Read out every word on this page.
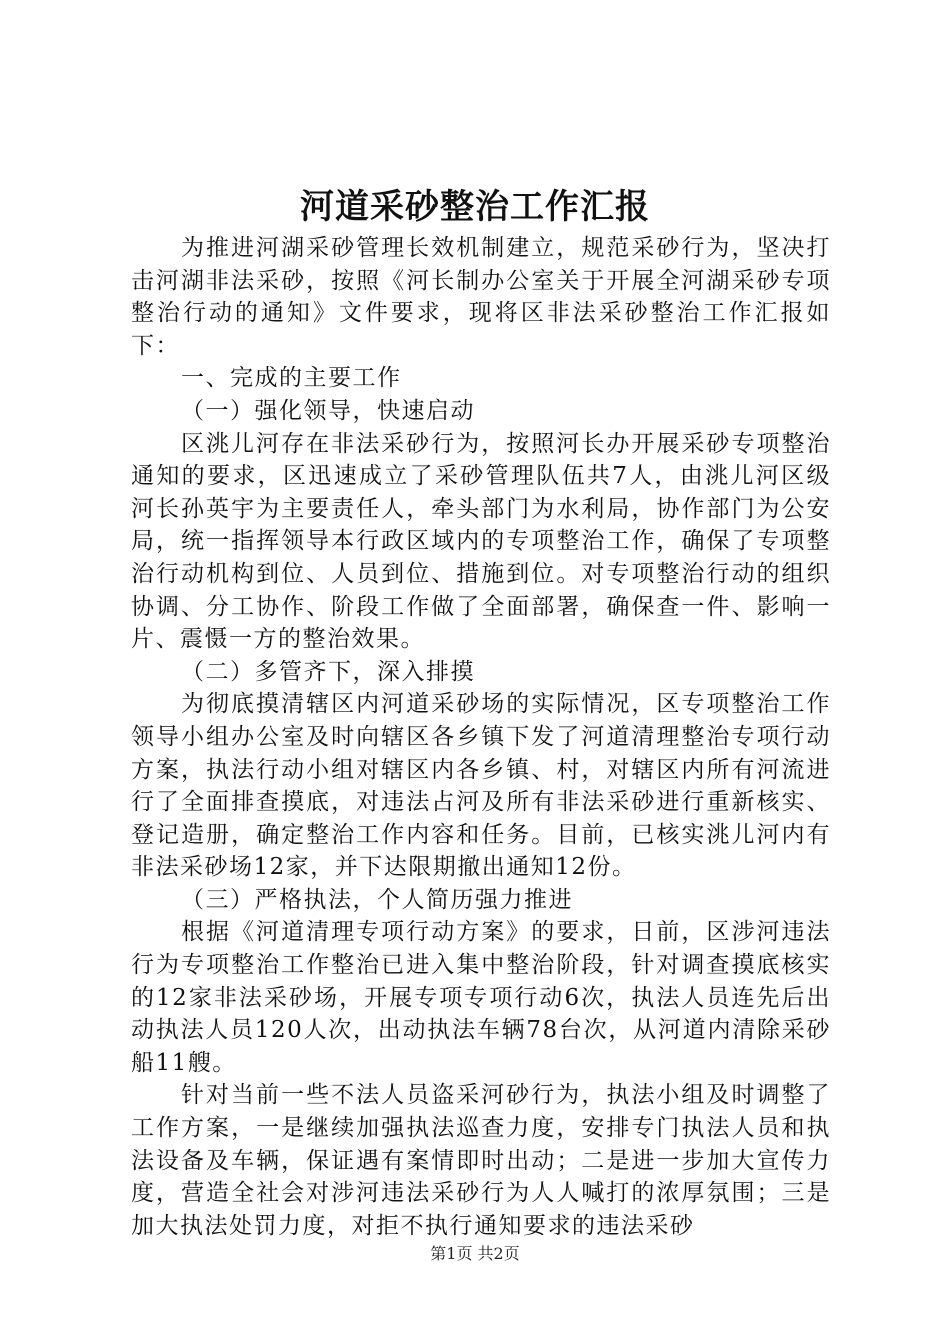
河道采砂整治工作汇报

为推进河湖采砂管理长效机制建立，规范采砂行为，坚决打击河湖非法采砂，按照《河长制办公室关于开展全河湖采砂专项整治行动的通知》文件要求，现将区非法采砂整治工作汇报如下：

一、完成的主要工作

（一）强化领导，快速启动

区洮儿河存在非法采砂行为，按照河长办开展采砂专项整治通知的要求，区迅速成立了采砂管理队伍共7人，由洮儿河区级河长孙英宇为主要责任人，牵头部门为水利局，协作部门为公安局，统一指挥领导本行政区域内的专项整治工作，确保了专项整治行动机构到位、人员到位、措施到位。对专项整治行动的组织协调、分工协作、阶段工作做了全面部署，确保查一件、影响一片、震慑一方的整治效果。

（二）多管齐下，深入排摸

为彻底摸清辖区内河道采砂场的实际情况，区专项整治工作领导小组办公室及时向辖区各乡镇下发了河道清理整治专项行动方案，执法行动小组对辖区内各乡镇、村，对辖区内所有河流进行了全面排查摸底，对违法占河及所有非法采砂进行重新核实、登记造册，确定整治工作内容和任务。目前，已核实洮儿河内有非法采砂场12家，并下达限期撤出通知12份。

（三）严格执法，个人简历强力推进

根据《河道清理专项行动方案》的要求，日前，区涉河违法行为专项整治工作整治已进入集中整治阶段，针对调查摸底核实的12家非法采砂场，开展专项专项行动6次，执法人员连先后出动执法人员120人次，出动执法车辆78台次，从河道内清除采砂船11艘。

针对当前一些不法人员盗采河砂行为，执法小组及时调整了工作方案，一是继续加强执法巡查力度，安排专门执法人员和执法设备及车辆，保证遇有案情即时出动；二是进一步加大宣传力度，营造全社会对涉河违法采砂行为人人喊打的浓厚氛围；三是加大执法处罚力度，对拒不执行通知要求的违法采砂

第1页 共2页
